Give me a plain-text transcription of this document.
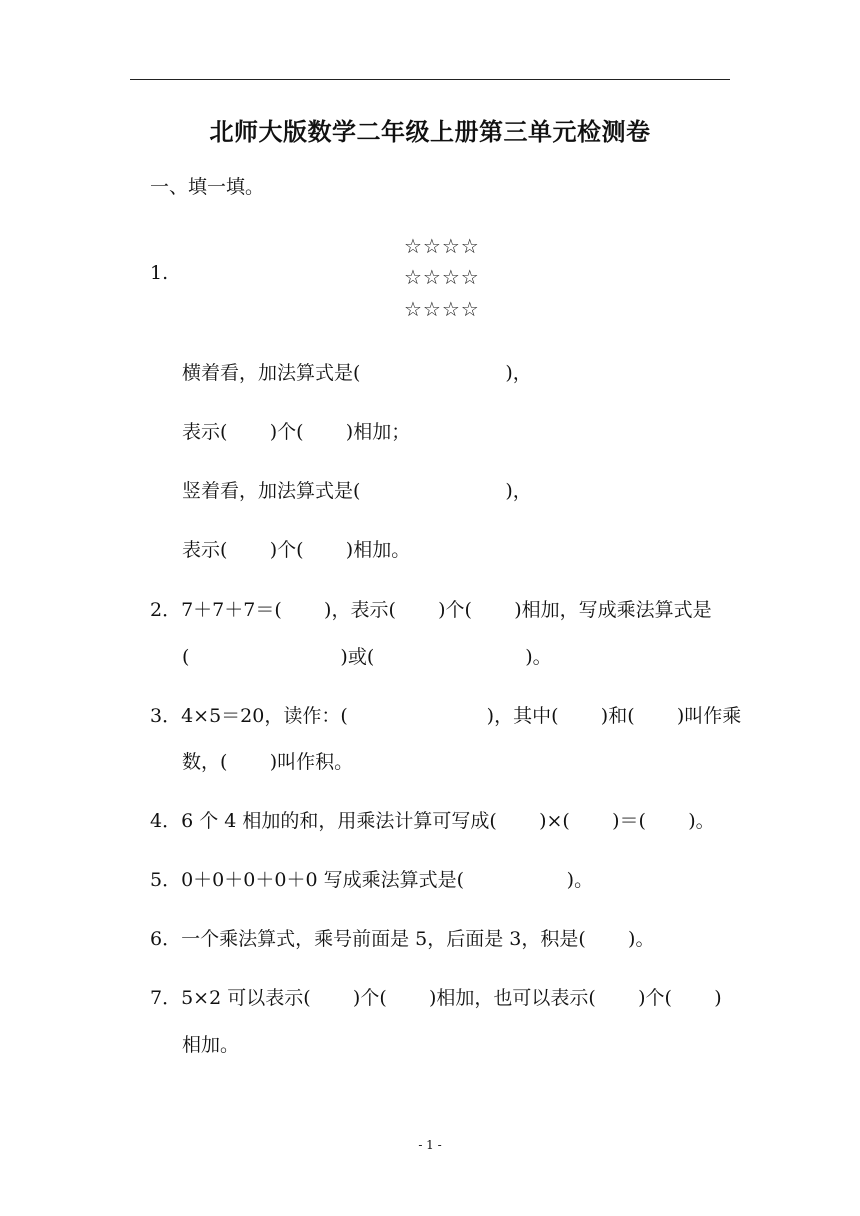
北师大版数学二年级上册第三单元检测卷
一、填一填。
1.
☆☆☆☆
☆☆☆☆
☆☆☆☆
横着看，加法算式是(                        )，
表示(       )个(       )相加；
竖着看，加法算式是(                        )，
表示(       )个(       )相加。
2．7＋7＋7＝(       )，表示(       )个(       )相加，写成乘法算式是
(                         )或(                         )。
3．4×5＝20，读作：(                       )，其中(       )和(       )叫作乘
数，(       )叫作积。
4．6 个 4 相加的和，用乘法计算可写成(       )×(       )＝(       )。
5．0＋0＋0＋0＋0 写成乘法算式是(                 )。
6．一个乘法算式，乘号前面是 5，后面是 3，积是(       )。
7．5×2 可以表示(       )个(       )相加，也可以表示(       )个(       )
相加。
- 1 -
